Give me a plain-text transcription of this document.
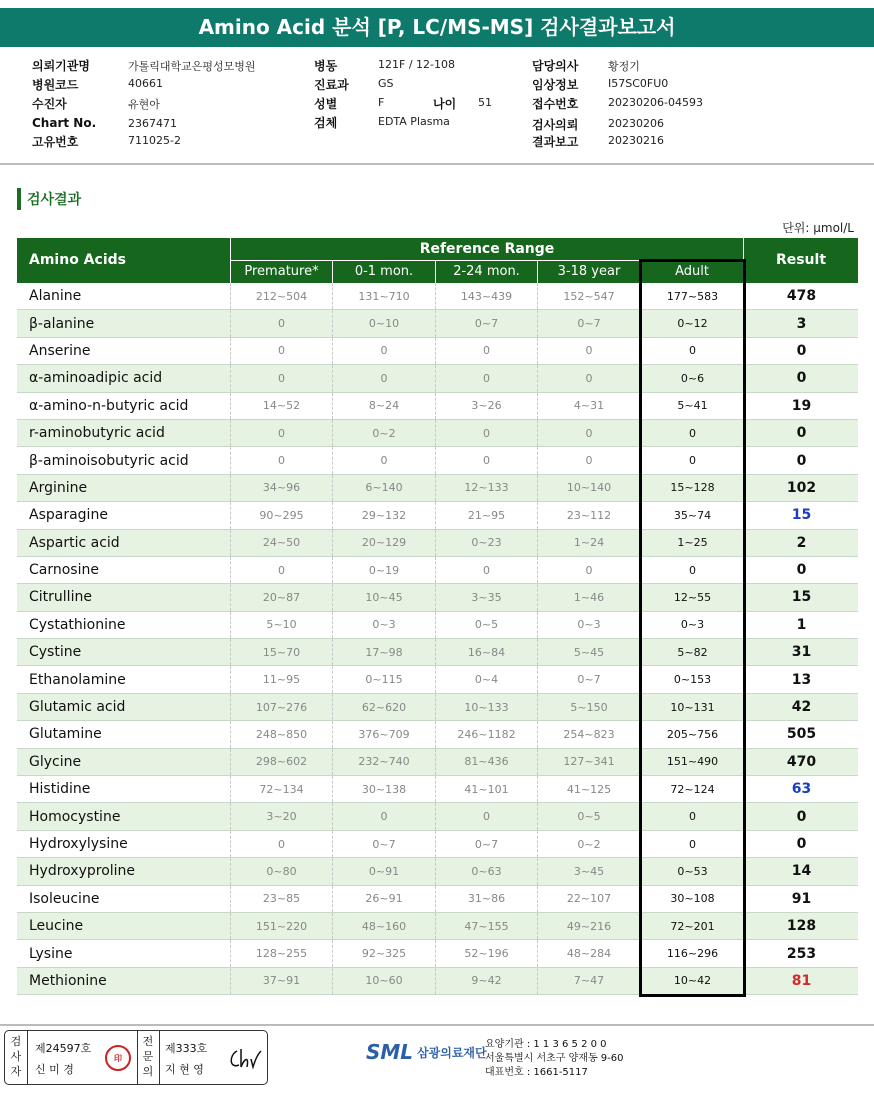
Amino Acid 분석 [P, LC/MS-MS] 검사결과보고서
의뢰기관명	가톨릭대학교은평성모병원
병원코드	40661
수진자	유현아
Chart No.	2367471
고유번호	711025-2
병동	121F / 12-108
진료과	GS
성별	F	나이 51
검체	EDTA Plasma
담당의사	황정기
임상정보	I57SC0FU0
접수번호	20230206-04593
검사의뢰	20230206
결과보고	20230216
검사결과
단위: μmol/L
Amino Acids
Reference Range
Premature*	0-1 mon.	2-24 mon.	3-18 year	Adult
Result
Alanine	212~504	131~710	143~439	152~547	177~583	478
β-alanine	0	0~10	0~7	0~7	0~12	3
Anserine	0	0	0	0	0	0
α-aminoadipic acid	0	0	0	0	0~6	0
α-amino-n-butyric acid	14~52	8~24	3~26	4~31	5~41	19
r-aminobutyric acid	0	0~2	0	0	0	0
β-aminoisobutyric acid	0	0	0	0	0	0
Arginine	34~96	6~140	12~133	10~140	15~128	102
Asparagine	90~295	29~132	21~95	23~112	35~74	15
Aspartic acid	24~50	20~129	0~23	1~24	1~25	2
Carnosine	0	0~19	0	0	0	0
Citrulline	20~87	10~45	3~35	1~46	12~55	15
Cystathionine	5~10	0~3	0~5	0~3	0~3	1
Cystine	15~70	17~98	16~84	5~45	5~82	31
Ethanolamine	11~95	0~115	0~4	0~7	0~153	13
Glutamic acid	107~276	62~620	10~133	5~150	10~131	42
Glutamine	248~850	376~709	246~1182	254~823	205~756	505
Glycine	298~602	232~740	81~436	127~341	151~490	470
Histidine	72~134	30~138	41~101	41~125	72~124	63
Homocystine	3~20	0	0	0~5	0	0
Hydroxylysine	0	0~7	0~7	0~2	0	0
Hydroxyproline	0~80	0~91	0~63	3~45	0~53	14
Isoleucine	23~85	26~91	31~86	22~107	30~108	91
Leucine	151~220	48~160	47~155	49~216	72~201	128
Lysine	128~255	92~325	52~196	48~284	116~296	253
Methionine	37~91	10~60	9~42	7~47	10~42	81
검
사
자
제24597호
신 미 경
印
전
문
의
제333호
지 현 영
SML 삼광의료재단
요양기관 : 1 1 3 6 5 2 0 0
서울특별시 서초구 양재동 9-60
대표번호 : 1661-5117
